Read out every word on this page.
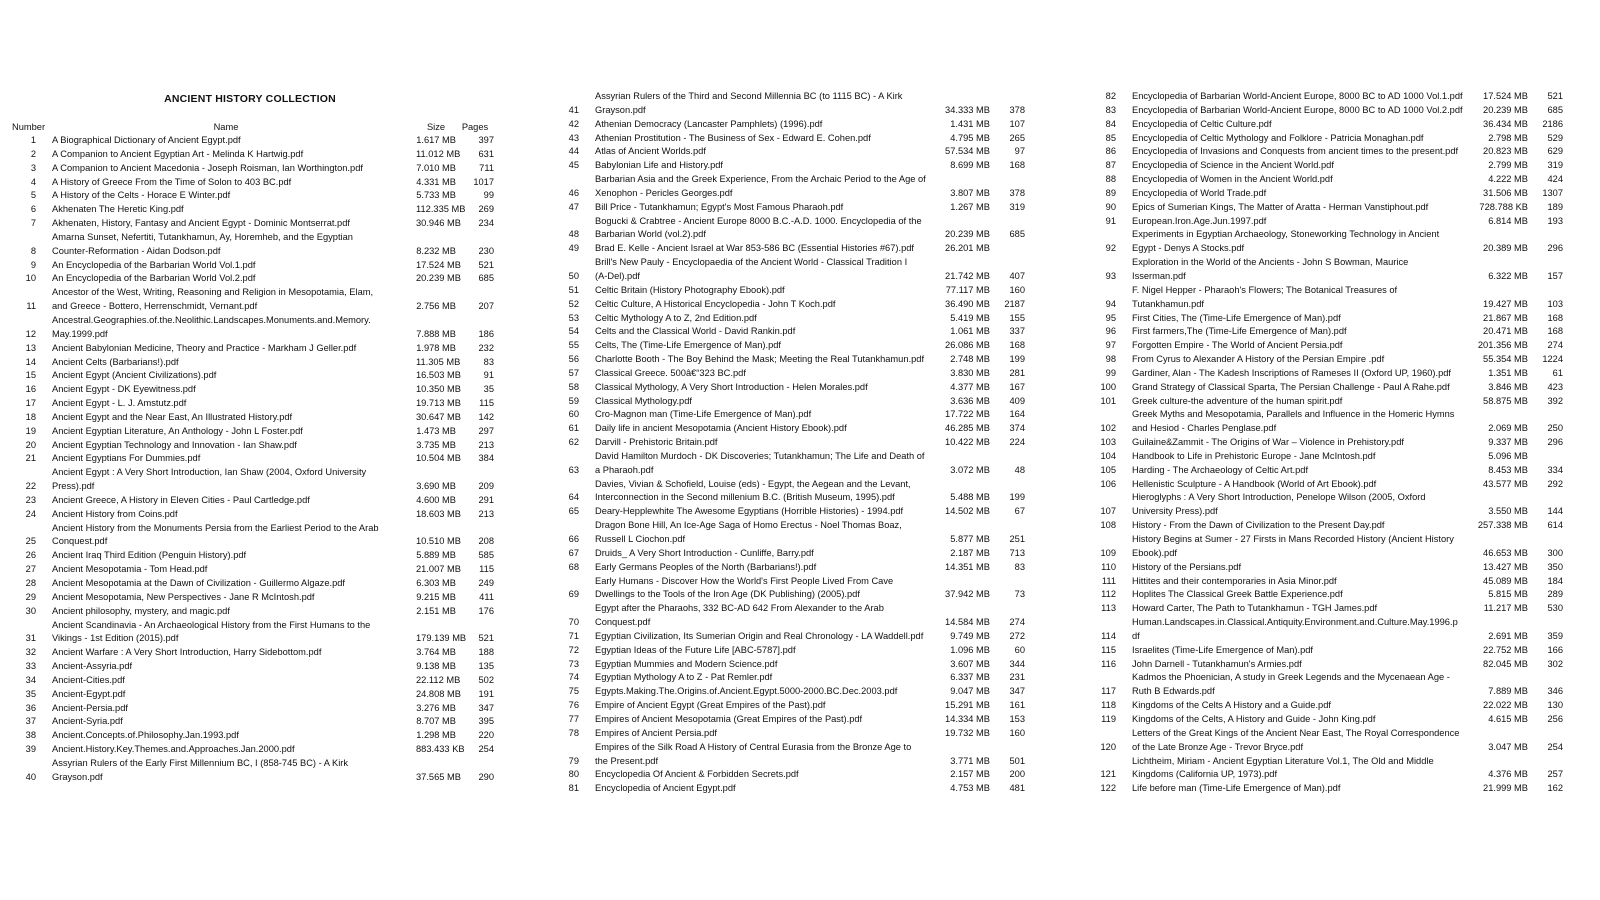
ANCIENT HISTORY COLLECTION
Number	Name	Size	Pages
1	A Biographical Dictionary of Ancient Egypt.pdf	1.617 MB	397
2	A Companion to Ancient Egyptian Art - Melinda K Hartwig.pdf	11.012 MB	631
3	A Companion to Ancient Macedonia - Joseph Roisman, Ian Worthington.pdf	7.010 MB	711
4	A History of Greece From the Time of Solon to 403 BC.pdf	4.331 MB	1017
5	A History of the Celts - Horace E Winter.pdf	5.733 MB	99
6	Akhenaten The Heretic King.pdf	112.335 MB	269
7	Akhenaten, History, Fantasy and Ancient Egypt - Dominic Montserrat.pdf	30.946 MB	234
Amarna Sunset, Nefertiti, Tutankhamun, Ay, Horemheb, and the Egyptian
8	Counter-Reformation - Aidan Dodson.pdf	8.232 MB	230
9	An Encyclopedia of the Barbarian World Vol.1.pdf	17.524 MB	521
10	An Encyclopedia of the Barbarian World Vol.2.pdf	20.239 MB	685
Ancestor of the West, Writing, Reasoning and Religion in Mesopotamia, Elam,
11	and Greece - Bottero, Herrenschmidt, Vernant.pdf	2.756 MB	207
Ancestral.Geographies.of.the.Neolithic.Landscapes.Monuments.and.Memory.
12	May.1999.pdf	7.888 MB	186
13	Ancient Babylonian Medicine, Theory and Practice - Markham J Geller.pdf	1.978 MB	232
14	Ancient Celts (Barbarians!).pdf	11.305 MB	83
15	Ancient Egypt (Ancient Civilizations).pdf	16.503 MB	91
16	Ancient Egypt - DK Eyewitness.pdf	10.350 MB	35
17	Ancient Egypt - L. J. Amstutz.pdf	19.713 MB	115
18	Ancient Egypt and the Near East, An Illustrated History.pdf	30.647 MB	142
19	Ancient Egyptian Literature, An Anthology - John L Foster.pdf	1.473 MB	297
20	Ancient Egyptian Technology and Innovation - Ian Shaw.pdf	3.735 MB	213
21	Ancient Egyptians For Dummies.pdf	10.504 MB	384
Ancient Egypt : A Very Short Introduction, Ian Shaw (2004, Oxford University
22	Press).pdf	3.690 MB	209
23	Ancient Greece, A History in Eleven Cities - Paul Cartledge.pdf	4.600 MB	291
24	Ancient History from Coins.pdf	18.603 MB	213
Ancient History from the Monuments Persia from the Earliest Period to the Arab
25	Conquest.pdf	10.510 MB	208
26	Ancient Iraq Third Edition (Penguin History).pdf	5.889 MB	585
27	Ancient Mesopotamia - Tom Head.pdf	21.007 MB	115
28	Ancient Mesopotamia at the Dawn of Civilization - Guillermo Algaze.pdf	6.303 MB	249
29	Ancient Mesopotamia, New Perspectives - Jane R McIntosh.pdf	9.215 MB	411
30	Ancient philosophy, mystery, and magic.pdf	2.151 MB	176
Ancient Scandinavia - An Archaeological History from the First Humans to the
31	Vikings - 1st Edition (2015).pdf	179.139 MB	521
32	Ancient Warfare : A Very Short Introduction, Harry Sidebottom.pdf	3.764 MB	188
33	Ancient-Assyria.pdf	9.138 MB	135
34	Ancient-Cities.pdf	22.112 MB	502
35	Ancient-Egypt.pdf	24.808 MB	191
36	Ancient-Persia.pdf	3.276 MB	347
37	Ancient-Syria.pdf	8.707 MB	395
38	Ancient.Concepts.of.Philosophy.Jan.1993.pdf	1.298 MB	220
39	Ancient.History.Key.Themes.and.Approaches.Jan.2000.pdf	883.433 KB	254
Assyrian Rulers of the Early First Millennium BC, I (858-745 BC) - A Kirk
40	Grayson.pdf	37.565 MB	290
Assyrian Rulers of the Third and Second Millennia BC (to 1115 BC) - A Kirk
41	Grayson.pdf	34.333 MB	378
42	Athenian Democracy (Lancaster Pamphlets) (1996).pdf	1.431 MB	107
43	Athenian Prostitution - The Business of Sex - Edward E. Cohen.pdf	4.795 MB	265
44	Atlas of Ancient Worlds.pdf	57.534 MB	97
45	Babylonian Life and History.pdf	8.699 MB	168
Barbarian Asia and the Greek Experience, From the Archaic Period to the Age of
46	Xenophon - Pericles Georges.pdf	3.807 MB	378
47	Bill Price - Tutankhamun; Egypt's Most Famous Pharaoh.pdf	1.267 MB	319
Bogucki & Crabtree - Ancient Europe 8000 B.C.-A.D. 1000. Encyclopedia of the
48	Barbarian World (vol.2).pdf	20.239 MB	685
49	Brad E. Kelle - Ancient Israel at War 853-586 BC (Essential Histories #67).pdf	26.201 MB
Brill's New Pauly - Encyclopaedia of the Ancient World - Classical Tradition I
50	(A-Del).pdf	21.742 MB	407
51	Celtic Britain (History Photography Ebook).pdf	77.117 MB	160
52	Celtic Culture, A Historical Encyclopedia - John T Koch.pdf	36.490 MB	2187
53	Celtic Mythology A to Z, 2nd Edition.pdf	5.419 MB	155
54	Celts and the Classical World - David Rankin.pdf	1.061 MB	337
55	Celts, The (Time-Life Emergence of Man).pdf	26.086 MB	168
56	Charlotte Booth - The Boy Behind the Mask; Meeting the Real Tutankhamun.pdf	2.748 MB	199
57	Classical Greece. 500â€“323 BC.pdf	3.830 MB	281
58	Classical Mythology, A Very Short Introduction - Helen Morales.pdf	4.377 MB	167
59	Classical Mythology.pdf	3.636 MB	409
60	Cro-Magnon man (Time-Life Emergence of Man).pdf	17.722 MB	164
61	Daily life in ancient Mesopotamia (Ancient History Ebook).pdf	46.285 MB	374
62	Darvill - Prehistoric Britain.pdf	10.422 MB	224
David Hamilton Murdoch - DK Discoveries; Tutankhamun; The Life and Death of
63	a Pharaoh.pdf	3.072 MB	48
Davies, Vivian & Schofield, Louise (eds) - Egypt, the Aegean and the Levant,
64	Interconnection in the Second millenium B.C. (British Museum, 1995).pdf	5.488 MB	199
65	Deary-Hepplewhite The Awesome Egyptians (Horrible Histories) - 1994.pdf	14.502 MB	67
Dragon Bone Hill, An Ice-Age Saga of Homo Erectus - Noel Thomas Boaz,
66	Russell L Ciochon.pdf	5.877 MB	251
67	Druids_ A Very Short Introduction - Cunliffe, Barry.pdf	2.187 MB	713
68	Early Germans Peoples of the North (Barbarians!).pdf	14.351 MB	83
Early Humans - Discover How the World's First People Lived From Cave
69	Dwellings to the Tools of the Iron Age (DK Publishing) (2005).pdf	37.942 MB	73
Egypt after the Pharaohs, 332 BC-AD 642 From Alexander to the Arab
70	Conquest.pdf	14.584 MB	274
71	Egyptian Civilization, Its Sumerian Origin and Real Chronology - LA Waddell.pdf	9.749 MB	272
72	Egyptian Ideas of the Future Life [ABC-5787].pdf	1.096 MB	60
73	Egyptian Mummies and Modern Science.pdf	3.607 MB	344
74	Egyptian Mythology A to Z - Pat Remler.pdf	6.337 MB	231
75	Egypts.Making.The.Origins.of.Ancient.Egypt.5000-2000.BC.Dec.2003.pdf	9.047 MB	347
76	Empire of Ancient Egypt (Great Empires of the Past).pdf	15.291 MB	161
77	Empires of Ancient Mesopotamia (Great Empires of the Past).pdf	14.334 MB	153
78	Empires of Ancient Persia.pdf	19.732 MB	160
Empires of the Silk Road A History of Central Eurasia from the Bronze Age to
79	the Present.pdf	3.771 MB	501
80	Encyclopedia Of Ancient & Forbidden Secrets.pdf	2.157 MB	200
81	Encyclopedia of Ancient Egypt.pdf	4.753 MB	481
82	Encyclopedia of Barbarian World-Ancient Europe, 8000 BC to AD 1000 Vol.1.pdf	17.524 MB	521
83	Encyclopedia of Barbarian World-Ancient Europe, 8000 BC to AD 1000 Vol.2.pdf	20.239 MB	685
84	Encyclopedia of Celtic Culture.pdf	36.434 MB	2186
85	Encyclopedia of Celtic Mythology and Folklore - Patricia Monaghan.pdf	2.798 MB	529
86	Encyclopedia of Invasions and Conquests from ancient times to the present.pdf	20.823 MB	629
87	Encyclopedia of Science in the Ancient World.pdf	2.799 MB	319
88	Encyclopedia of Women in the Ancient World.pdf	4.222 MB	424
89	Encyclopedia of World Trade.pdf	31.506 MB	1307
90	Epics of Sumerian Kings, The Matter of Aratta - Herman Vanstiphout.pdf	728.788 KB	189
91	European.Iron.Age.Jun.1997.pdf	6.814 MB	193
Experiments in Egyptian Archaeology, Stoneworking Technology in Ancient
92	Egypt - Denys A Stocks.pdf	20.389 MB	296
Exploration in the World of the Ancients - John S Bowman, Maurice
93	Isserman.pdf	6.322 MB	157
F. Nigel Hepper - Pharaoh's Flowers; The Botanical Treasures of
94	Tutankhamun.pdf	19.427 MB	103
95	First Cities, The (Time-Life Emergence of Man).pdf	21.867 MB	168
96	First farmers,The (Time-Life Emergence of Man).pdf	20.471 MB	168
97	Forgotten Empire - The World of Ancient Persia.pdf	201.356 MB	274
98	From Cyrus to Alexander A History of the Persian Empire .pdf	55.354 MB	1224
99	Gardiner, Alan - The Kadesh Inscriptions of Rameses II (Oxford UP, 1960).pdf	1.351 MB	61
100	Grand Strategy of Classical Sparta, The Persian Challenge - Paul A Rahe.pdf	3.846 MB	423
101	Greek culture-the adventure of the human spirit.pdf	58.875 MB	392
Greek Myths and Mesopotamia, Parallels and Influence in the Homeric Hymns
102	and Hesiod - Charles Penglase.pdf	2.069 MB	250
103	Guilaine&Zammit - The Origins of War – Violence in Prehistory.pdf	9.337 MB	296
104	Handbook to Life in Prehistoric Europe - Jane McIntosh.pdf	5.096 MB
105	Harding - The Archaeology of Celtic Art.pdf	8.453 MB	334
106	Hellenistic Sculpture - A Handbook (World of Art Ebook).pdf	43.577 MB	292
Hieroglyphs : A Very Short Introduction, Penelope Wilson (2005, Oxford
107	University Press).pdf	3.550 MB	144
108	History - From the Dawn of Civilization to the Present Day.pdf	257.338 MB	614
History Begins at Sumer - 27 Firsts in Mans Recorded History (Ancient History
109	Ebook).pdf	46.653 MB	300
110	History of the Persians.pdf	13.427 MB	350
111	Hittites and their contemporaries in Asia Minor.pdf	45.089 MB	184
112	Hoplites The Classical Greek Battle Experience.pdf	5.815 MB	289
113	Howard Carter, The Path to Tutankhamun - TGH James.pdf	11.217 MB	530
Human.Landscapes.in.Classical.Antiquity.Environment.and.Culture.May.1996.p
114	df	2.691 MB	359
115	Israelites (Time-Life Emergence of Man).pdf	22.752 MB	166
116	John Darnell - Tutankhamun's Armies.pdf	82.045 MB	302
Kadmos the Phoenician, A study in Greek Legends and the Mycenaean Age -
117	Ruth B Edwards.pdf	7.889 MB	346
118	Kingdoms of the Celts A History and a Guide.pdf	22.022 MB	130
119	Kingdoms of the Celts, A History and Guide - John King.pdf	4.615 MB	256
Letters of the Great Kings of the Ancient Near East, The Royal Correspondence
120	of the Late Bronze Age - Trevor Bryce.pdf	3.047 MB	254
Lichtheim, Miriam - Ancient Egyptian Literature Vol.1, The Old and Middle
121	Kingdoms (California UP, 1973).pdf	4.376 MB	257
122	Life before man (Time-Life Emergence of Man).pdf	21.999 MB	162
